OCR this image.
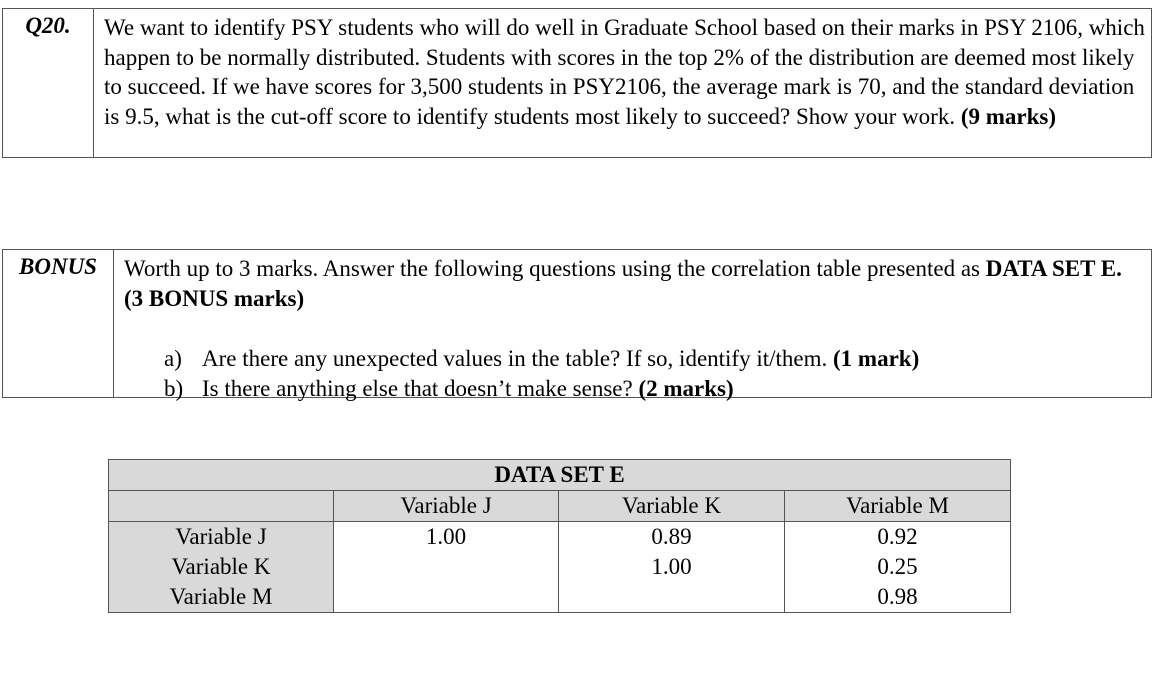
Q20.	We want to identify PSY students who will do well in Graduate School based on their marks in PSY 2106, which happen to be normally distributed. Students with scores in the top 2% of the distribution are deemed most likely to succeed. If we have scores for 3,500 students in PSY2106, the average mark is 70, and the standard deviation is 9.5, what is the cut-off score to identify students most likely to succeed? Show your work. (9 marks)
BONUS	Worth up to 3 marks. Answer the following questions using the correlation table presented as DATA SET E. (3 BONUS marks)
a) Are there any unexpected values in the table? If so, identify it/them. (1 mark)
b) Is there anything else that doesn’t make sense? (2 marks)
DATA SET E			
	Variable J	Variable K	Variable M
Variable J	1.00	0.89	0.92
Variable K		1.00	0.25
Variable M			0.98
